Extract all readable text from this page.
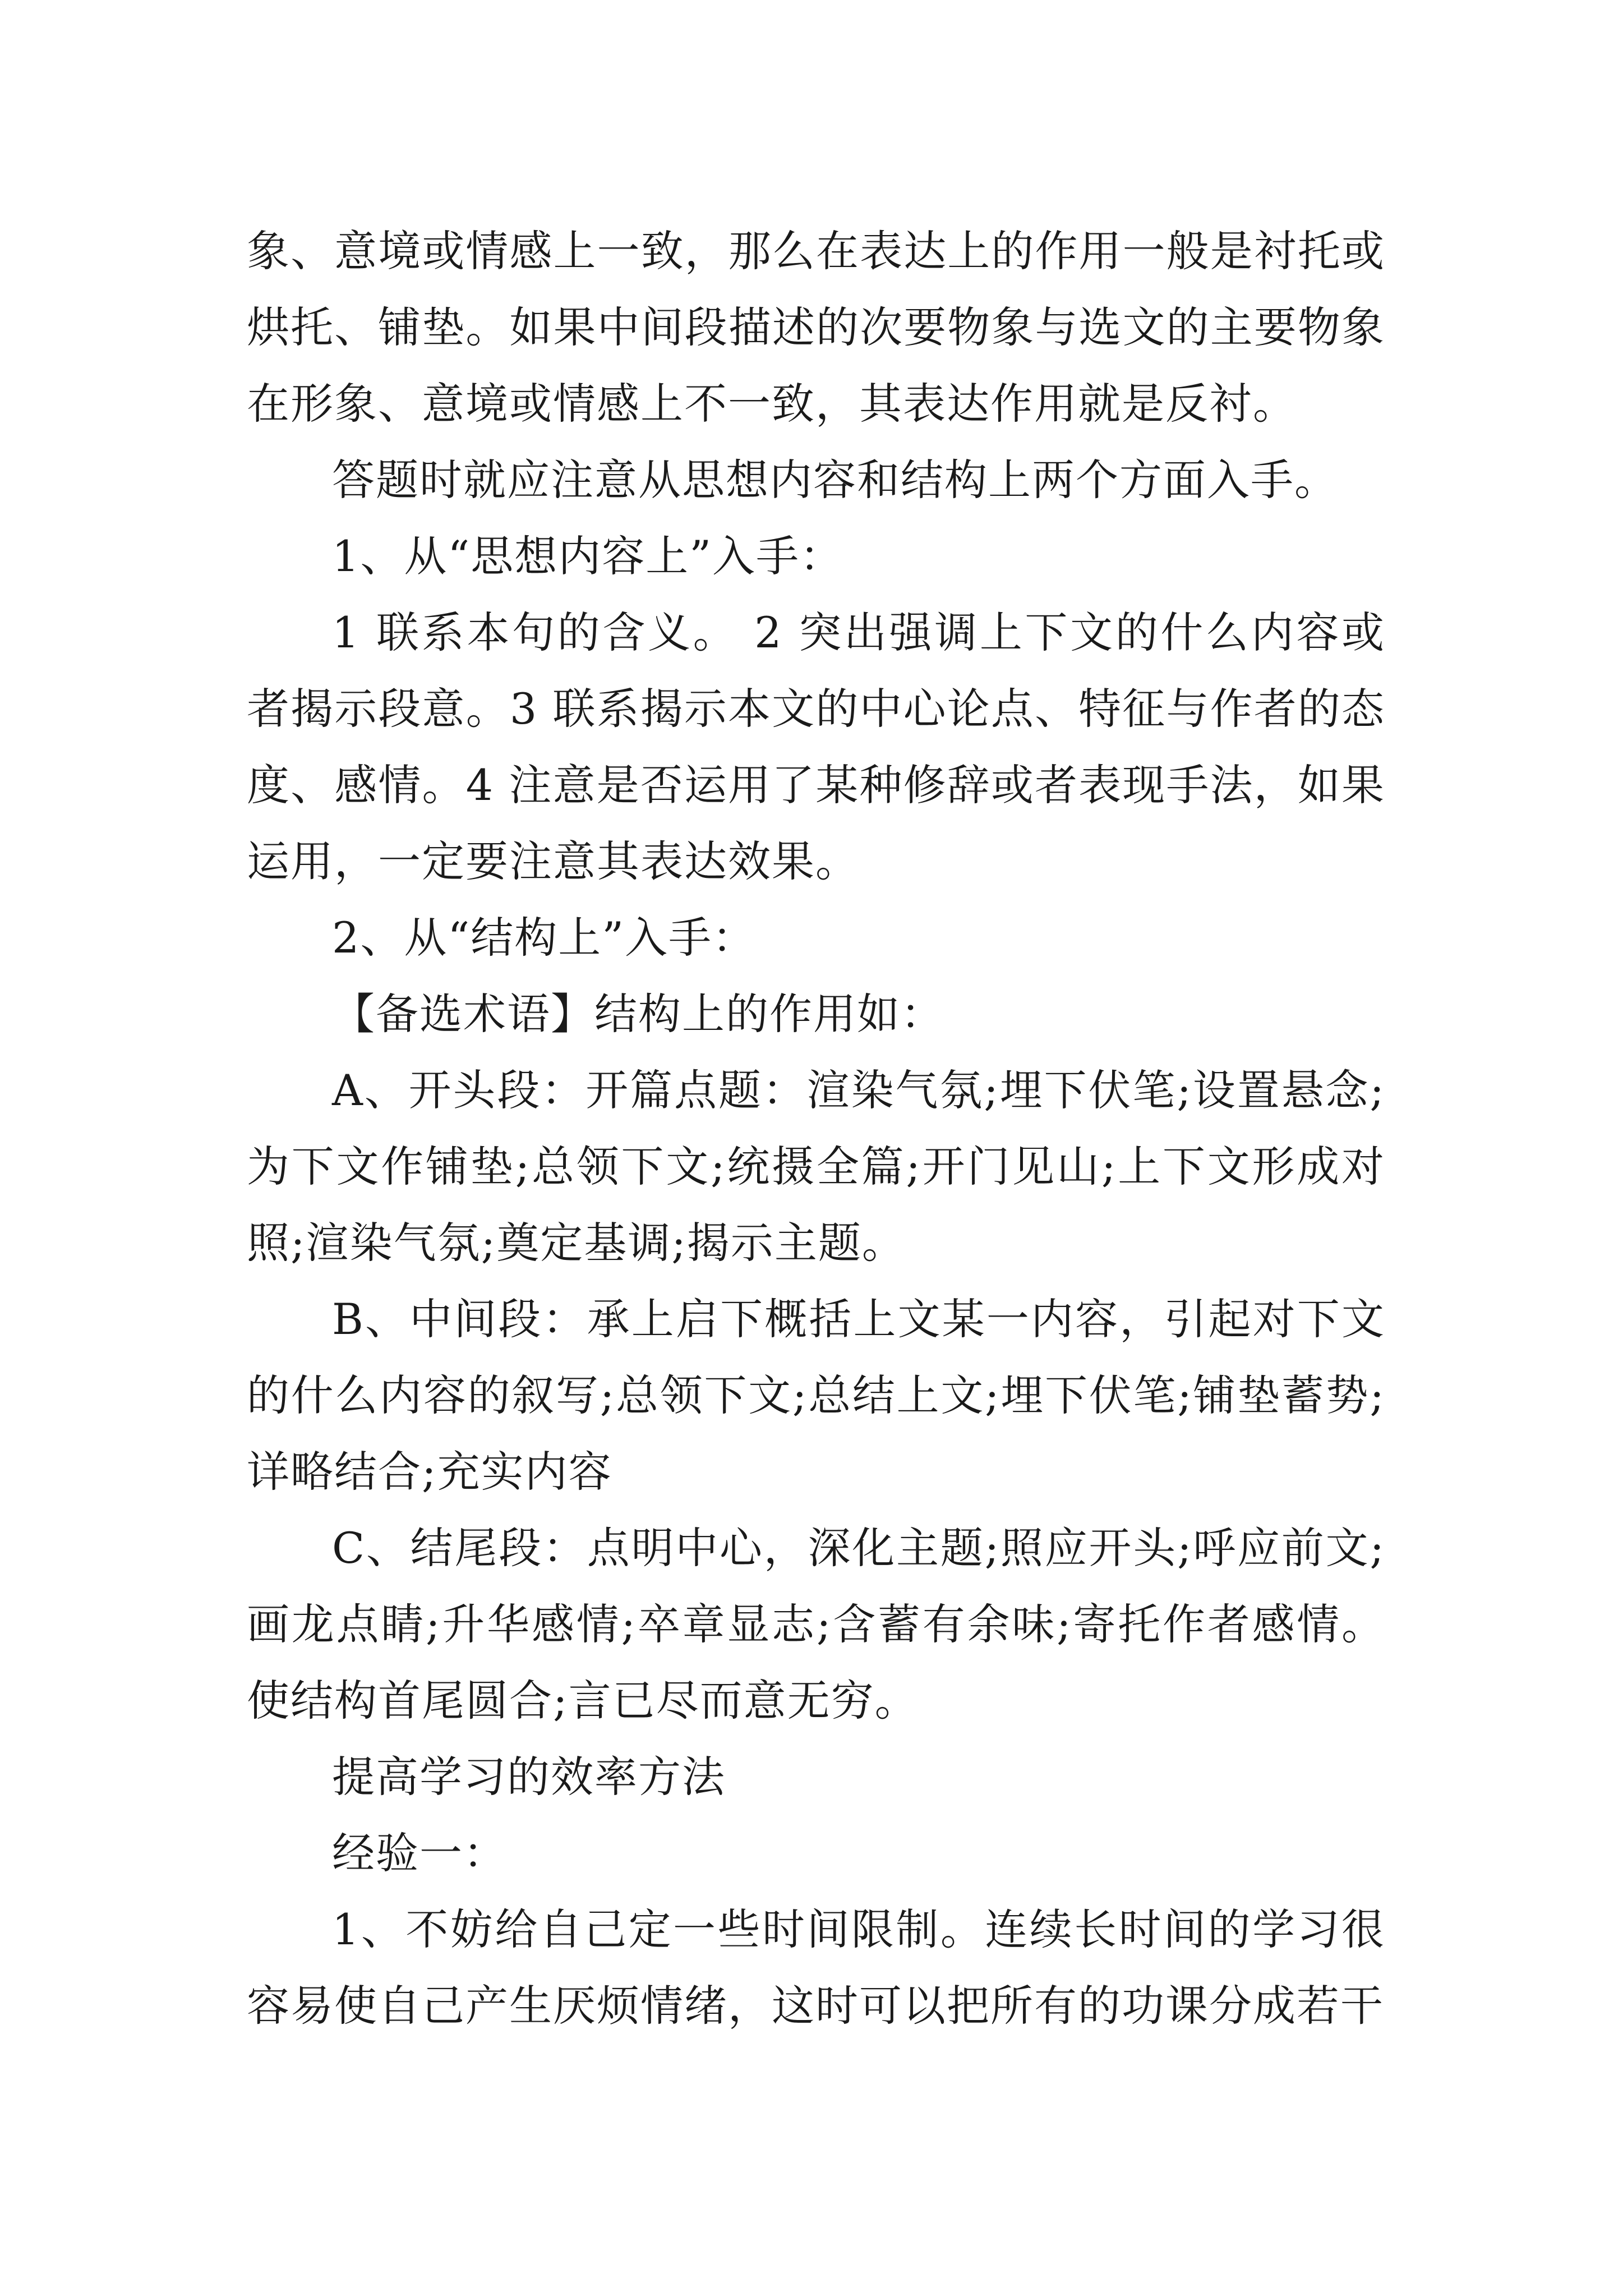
象、意境或情感上一致，那么在表达上的作用一般是衬托或烘托、铺垫。如果中间段描述的次要物象与选文的主要物象在形象、意境或情感上不一致，其表达作用就是反衬。

答题时就应注意从思想内容和结构上两个方面入手。

1、从“思想内容上”入手：

1 联系本句的含义。 2 突出强调上下文的什么内容或者揭示段意。3 联系揭示本文的中心论点、特征与作者的态度、感情。4 注意是否运用了某种修辞或者表现手法，如果运用，一定要注意其表达效果。

2、从“结构上”入手：

【备选术语】结构上的作用如：

A、开头段：开篇点题：渲染气氛;埋下伏笔;设置悬念;为下文作铺垫;总领下文;统摄全篇;开门见山;上下文形成对照;渲染气氛;奠定基调;揭示主题。

B、中间段：承上启下概括上文某一内容，引起对下文的什么内容的叙写;总领下文;总结上文;埋下伏笔;铺垫蓄势;详略结合;充实内容

C、结尾段：点明中心，深化主题;照应开头;呼应前文;画龙点睛;升华感情;卒章显志;含蓄有余味;寄托作者感情。使结构首尾圆合;言已尽而意无穷。

提高学习的效率方法

经验一：

1、不妨给自己定一些时间限制。连续长时间的学习很容易使自己产生厌烦情绪，这时可以把所有的功课分成若干
